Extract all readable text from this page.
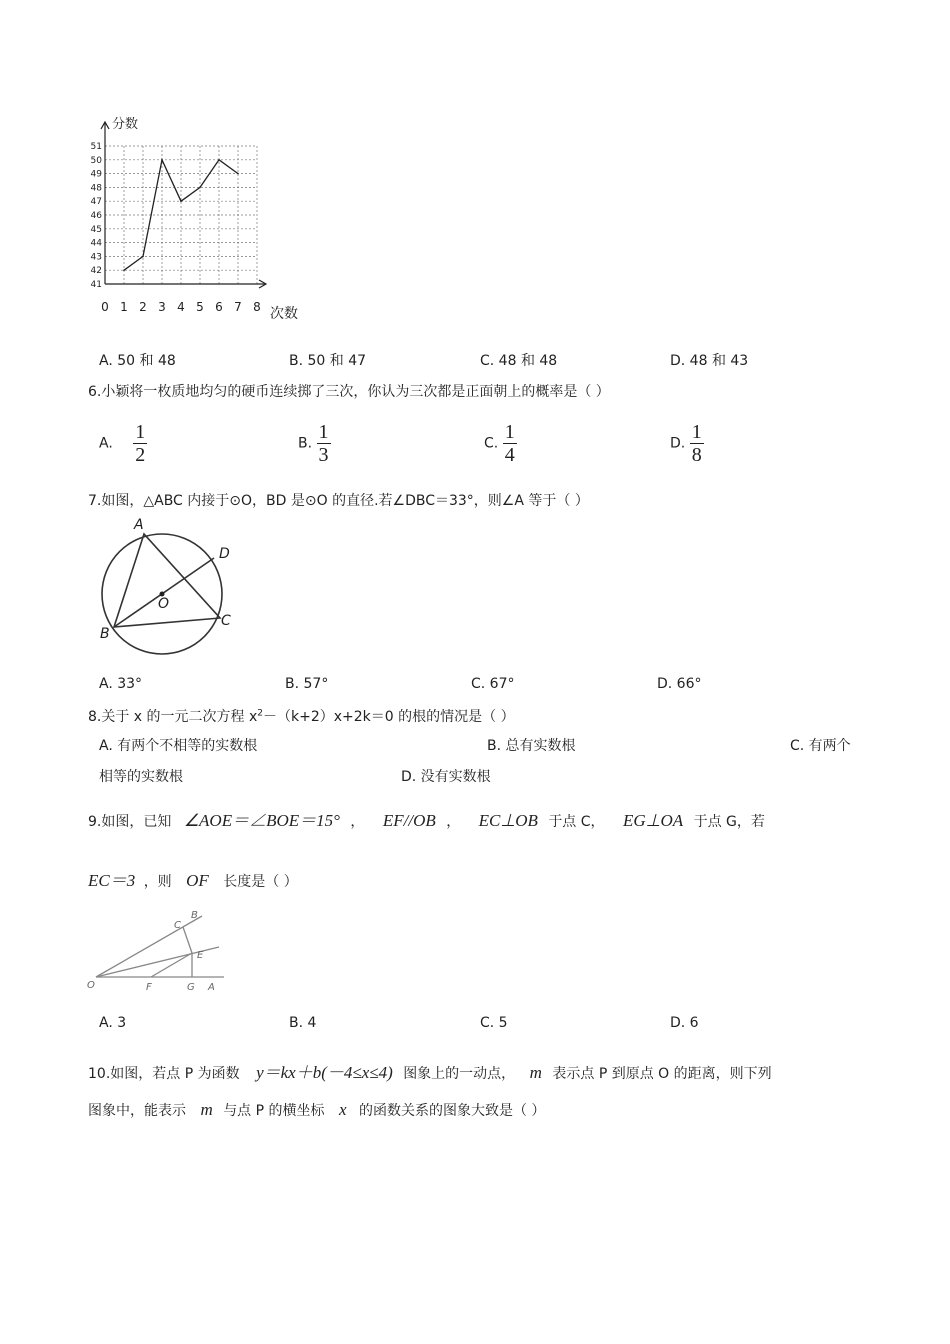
41
42
43
44
45
46
47
48
49
50
51
0 1 2 3 4 5 6 7 8
分数
次数
A. 50 和 48	B. 50 和 47	C. 48 和 48	D. 48 和 43
6.小颖将一枚质地均匀的硬币连续掷了三次，你认为三次都是正面朝上的概率是（ ）
A. $\frac{1}{2}$	B. $\frac{1}{3}$	C. $\frac{1}{4}$	D. $\frac{1}{8}$
7.如图，△ABC 内接于⊙O，BD 是⊙O 的直径.若∠DBC＝33°，则∠A 等于（ ）
A
D
O
B
C
A. 33°	B. 57°	C. 67°	D. 66°
8.关于 x 的一元二次方程 $x^2-(k+2)x+2k=0$ 的根的情况是（ ）
A. 有两个不相等的实数根	B. 总有实数根	C. 有两个
相等的实数根	D. 没有实数根
9.如图，已知 ∠AOE＝∠BOE＝15° ， EF//OB ， EC⊥OB 于点 C， EG⊥OA 于点 G，若
EC＝3 ，则 OF 长度是（ ）
O	F	G A
E
C
B
A. 3	B. 4	C. 5	D. 6
10.如图，若点 P 为函数 y＝kx＋b(－4≤x≤4) 图象上的一动点， m 表示点 P 到原点 O 的距离，则下列
图象中，能表示 m 与点 P 的横坐标 x 的函数关系的图象大致是（ ）
